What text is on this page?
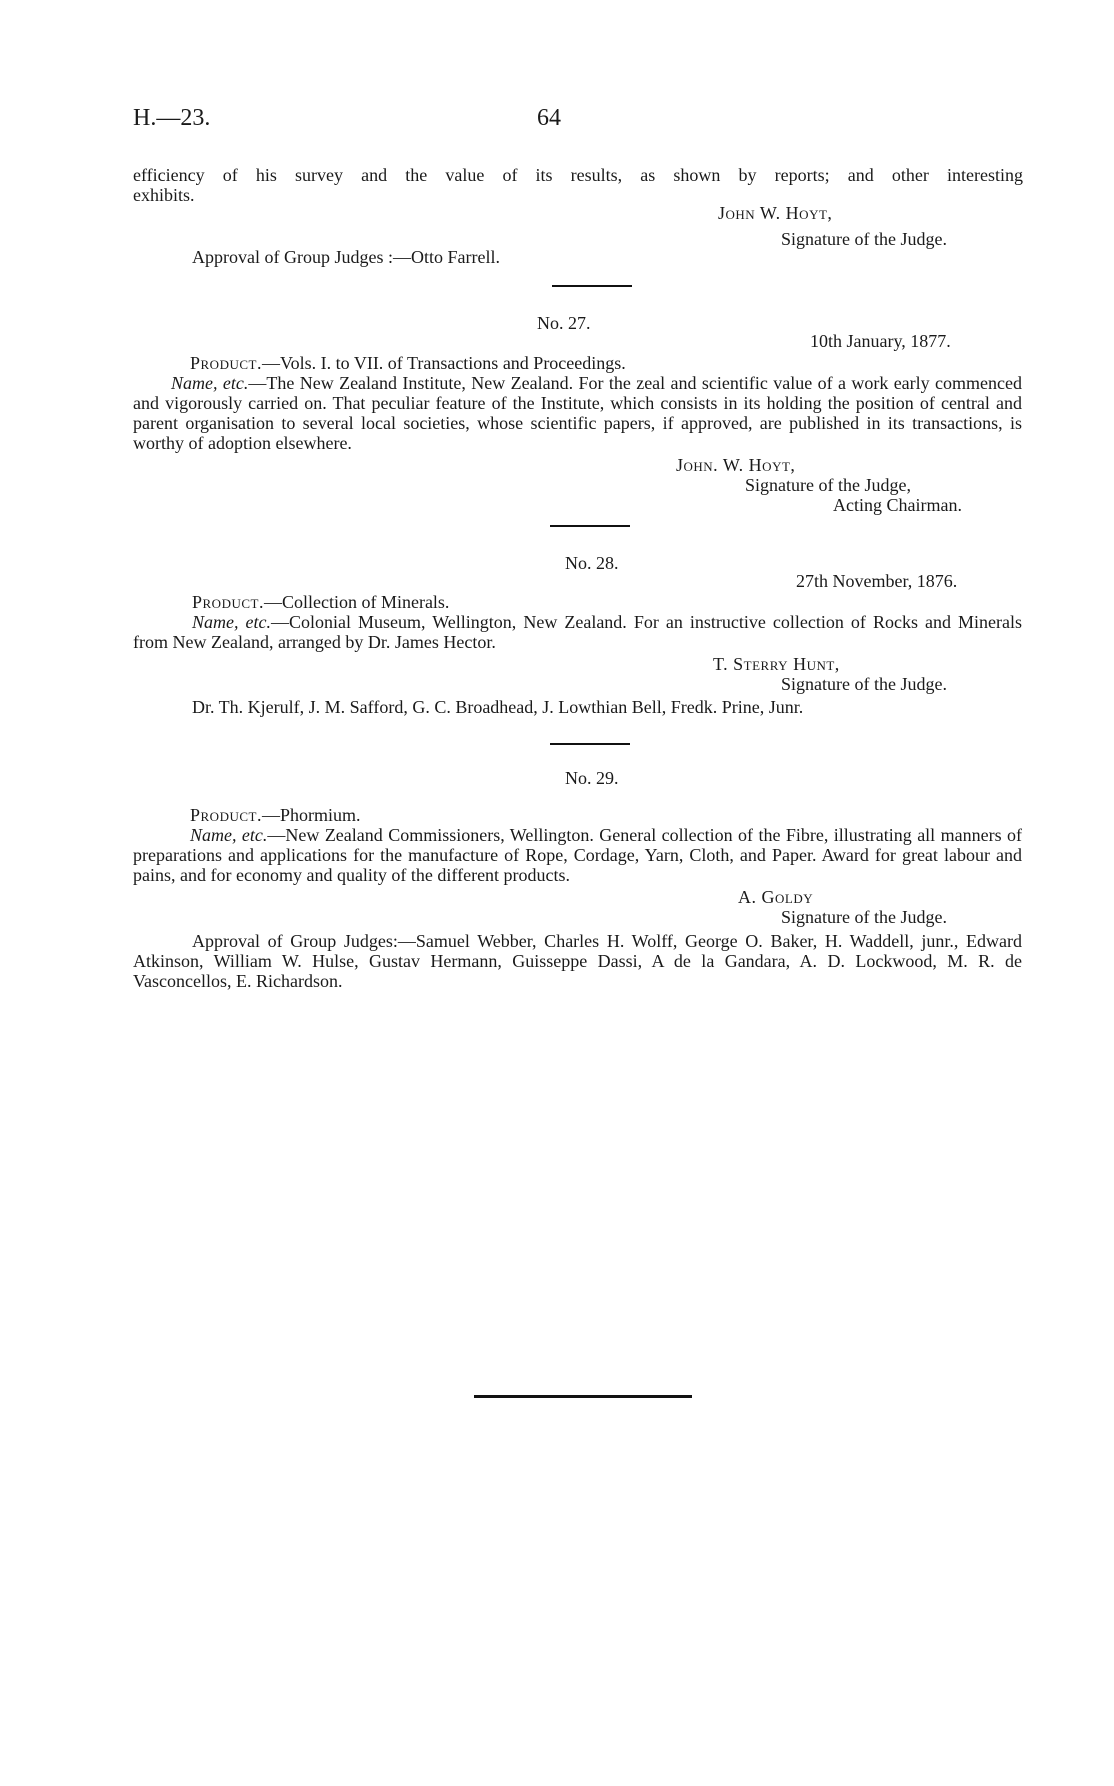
H.—23.	64
efficiency of his survey and the value of its results, as shown by reports; and other interesting
exhibits.
John W. Hoyt,
Signature of the Judge.
Approval of Group Judges :—Otto Farrell.
No. 27.
10th January, 1877.
Product.—Vols. I. to VII. of Transactions and Proceedings.
Name, etc.—The New Zealand Institute, New Zealand. For the zeal and scientific value of a work early commenced and vigorously carried on. That peculiar feature of the Institute, which consists in its holding the position of central and parent organisation to several local societies, whose scientific papers, if approved, are published in its transactions, is worthy of adoption elsewhere.
John. W. Hoyt,
Signature of the Judge,
Acting Chairman.
No. 28.
27th November, 1876.
Product.—Collection of Minerals.
Name, etc.—Colonial Museum, Wellington, New Zealand. For an instructive collection of Rocks and Minerals from New Zealand, arranged by Dr. James Hector.
T. Sterry Hunt,
Signature of the Judge.
Dr. Th. Kjerulf, J. M. Safford, G. C. Broadhead, J. Lowthian Bell, Fredk. Prine, Junr.
No. 29.
Product.—Phormium.
Name, etc.—New Zealand Commissioners, Wellington. General collection of the Fibre, illustrating all manners of preparations and applications for the manufacture of Rope, Cordage, Yarn, Cloth, and Paper. Award for great labour and pains, and for economy and quality of the different products.
A. Goldy
Signature of the Judge.
Approval of Group Judges:—Samuel Webber, Charles H. Wolff, George O. Baker, H. Waddell, junr., Edward Atkinson, William W. Hulse, Gustav Hermann, Guisseppe Dassi, A de la Gandara, A. D. Lockwood, M. R. de Vasconcellos, E. Richardson.
